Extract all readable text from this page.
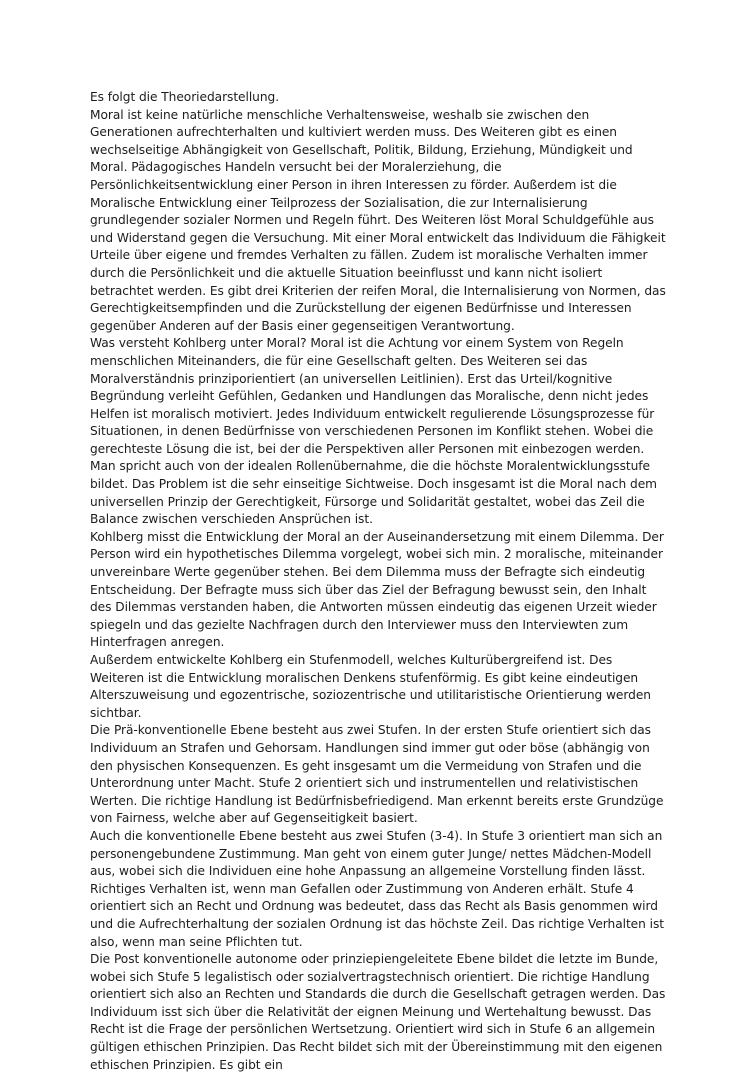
Es folgt die Theoriedarstellung.

Moral ist keine natürliche menschliche Verhaltensweise, weshalb sie zwischen den Generationen aufrechterhalten und kultiviert werden muss. Des Weiteren gibt es einen wechselseitige Abhängigkeit von Gesellschaft, Politik, Bildung, Erziehung, Mündigkeit und Moral. Pädagogisches Handeln versucht bei der Moralerziehung, die Persönlichkeitsentwicklung einer Person in ihren Interessen zu förder. Außerdem ist die Moralische Entwicklung einer Teilprozess der Sozialisation, die zur Internalisierung grundlegender sozialer Normen und Regeln führt. Des Weiteren löst Moral Schuldgefühle aus und Widerstand gegen die Versuchung. Mit einer Moral entwickelt das Individuum die Fähigkeit Urteile über eigene und fremdes Verhalten zu fällen. Zudem ist moralische Verhalten immer durch die Persönlichkeit und die aktuelle Situation beeinflusst und kann nicht isoliert betrachtet werden. Es gibt drei Kriterien der reifen Moral, die Internalisierung von Normen, das Gerechtigkeitsempfinden und die Zurückstellung der eigenen Bedürfnisse und Interessen gegenüber Anderen auf der Basis einer gegenseitigen Verantwortung.

Was versteht Kohlberg unter Moral? Moral ist die Achtung vor einem System von Regeln menschlichen Miteinanders, die für eine Gesellschaft gelten. Des Weiteren sei das Moralverständnis prinziporientiert (an universellen Leitlinien). Erst das Urteil/kognitive Begründung verleiht Gefühlen, Gedanken und Handlungen das Moralische, denn nicht jedes Helfen ist moralisch motiviert. Jedes Individuum entwickelt regulierende Lösungsprozesse für Situationen, in denen Bedürfnisse von verschiedenen Personen im Konflikt stehen. Wobei die gerechteste Lösung die ist, bei der die Perspektiven aller Personen mit einbezogen werden. Man spricht auch von der idealen Rollenübernahme, die die höchste Moralentwicklungsstufe bildet. Das Problem ist die sehr einseitige Sichtweise. Doch insgesamt ist die Moral nach dem universellen Prinzip der Gerechtigkeit, Fürsorge und Solidarität gestaltet, wobei das Zeil die Balance zwischen verschieden Ansprüchen ist.

Kohlberg misst die Entwicklung der Moral an der Auseinandersetzung mit einem Dilemma. Der Person wird ein hypothetisches Dilemma vorgelegt, wobei sich min. 2 moralische, miteinander unvereinbare Werte gegenüber stehen. Bei dem Dilemma muss der Befragte sich eindeutig Entscheidung. Der Befragte muss sich über das Ziel der Befragung bewusst sein, den Inhalt des Dilemmas verstanden haben, die Antworten müssen eindeutig das eigenen Urzeit wieder spiegeln und das gezielte Nachfragen durch den Interviewer muss den Interviewten zum Hinterfragen anregen.

Außerdem entwickelte Kohlberg ein Stufenmodell, welches Kulturübergreifend ist. Des Weiteren ist die Entwicklung moralischen Denkens stufenförmig. Es gibt keine eindeutigen Alterszuweisung und egozentrische, soziozentrische und utilitaristische Orientierung werden sichtbar.

Die Prä-konventionelle Ebene besteht aus zwei Stufen. In der ersten Stufe orientiert sich das Individuum an Strafen und Gehorsam. Handlungen sind immer gut oder böse (abhängig von den physischen Konsequenzen. Es geht insgesamt um die Vermeidung von Strafen und die Unterordnung unter Macht. Stufe 2 orientiert sich und instrumentellen und relativistischen Werten. Die richtige Handlung ist Bedürfnisbefriedigend. Man erkennt bereits erste Grundzüge von Fairness, welche aber auf Gegenseitigkeit basiert.

Auch die konventionelle Ebene besteht aus zwei Stufen (3-4). In Stufe 3 orientiert man sich an personengebundene Zustimmung. Man geht von einem guter Junge/ nettes Mädchen-Modell aus, wobei sich die Individuen eine hohe Anpassung an allgemeine Vorstellung finden lässt. Richtiges Verhalten ist, wenn man Gefallen oder Zustimmung von Anderen erhält. Stufe 4 orientiert sich an Recht und Ordnung was bedeutet, dass das Recht als Basis genommen wird und die Aufrechterhaltung der sozialen Ordnung ist das höchste Zeil. Das richtige Verhalten ist also, wenn man seine Pflichten tut.

Die Post konventionelle autonome oder prinziepiengeleitete Ebene bildet die letzte im Bunde, wobei sich Stufe 5 legalistisch oder sozialvertragstechnisch orientiert. Die richtige Handlung orientiert sich also an Rechten und Standards die durch die Gesellschaft getragen werden. Das Individuum isst sich über die Relativität der eignen Meinung und Wertehaltung bewusst. Das Recht ist die Frage der persönlichen Wertsetzung. Orientiert wird sich in Stufe 6 an allgemein gültigen ethischen Prinzipien. Das Recht bildet sich mit der Übereinstimmung mit den eigenen ethischen Prinzipien. Es gibt ein
